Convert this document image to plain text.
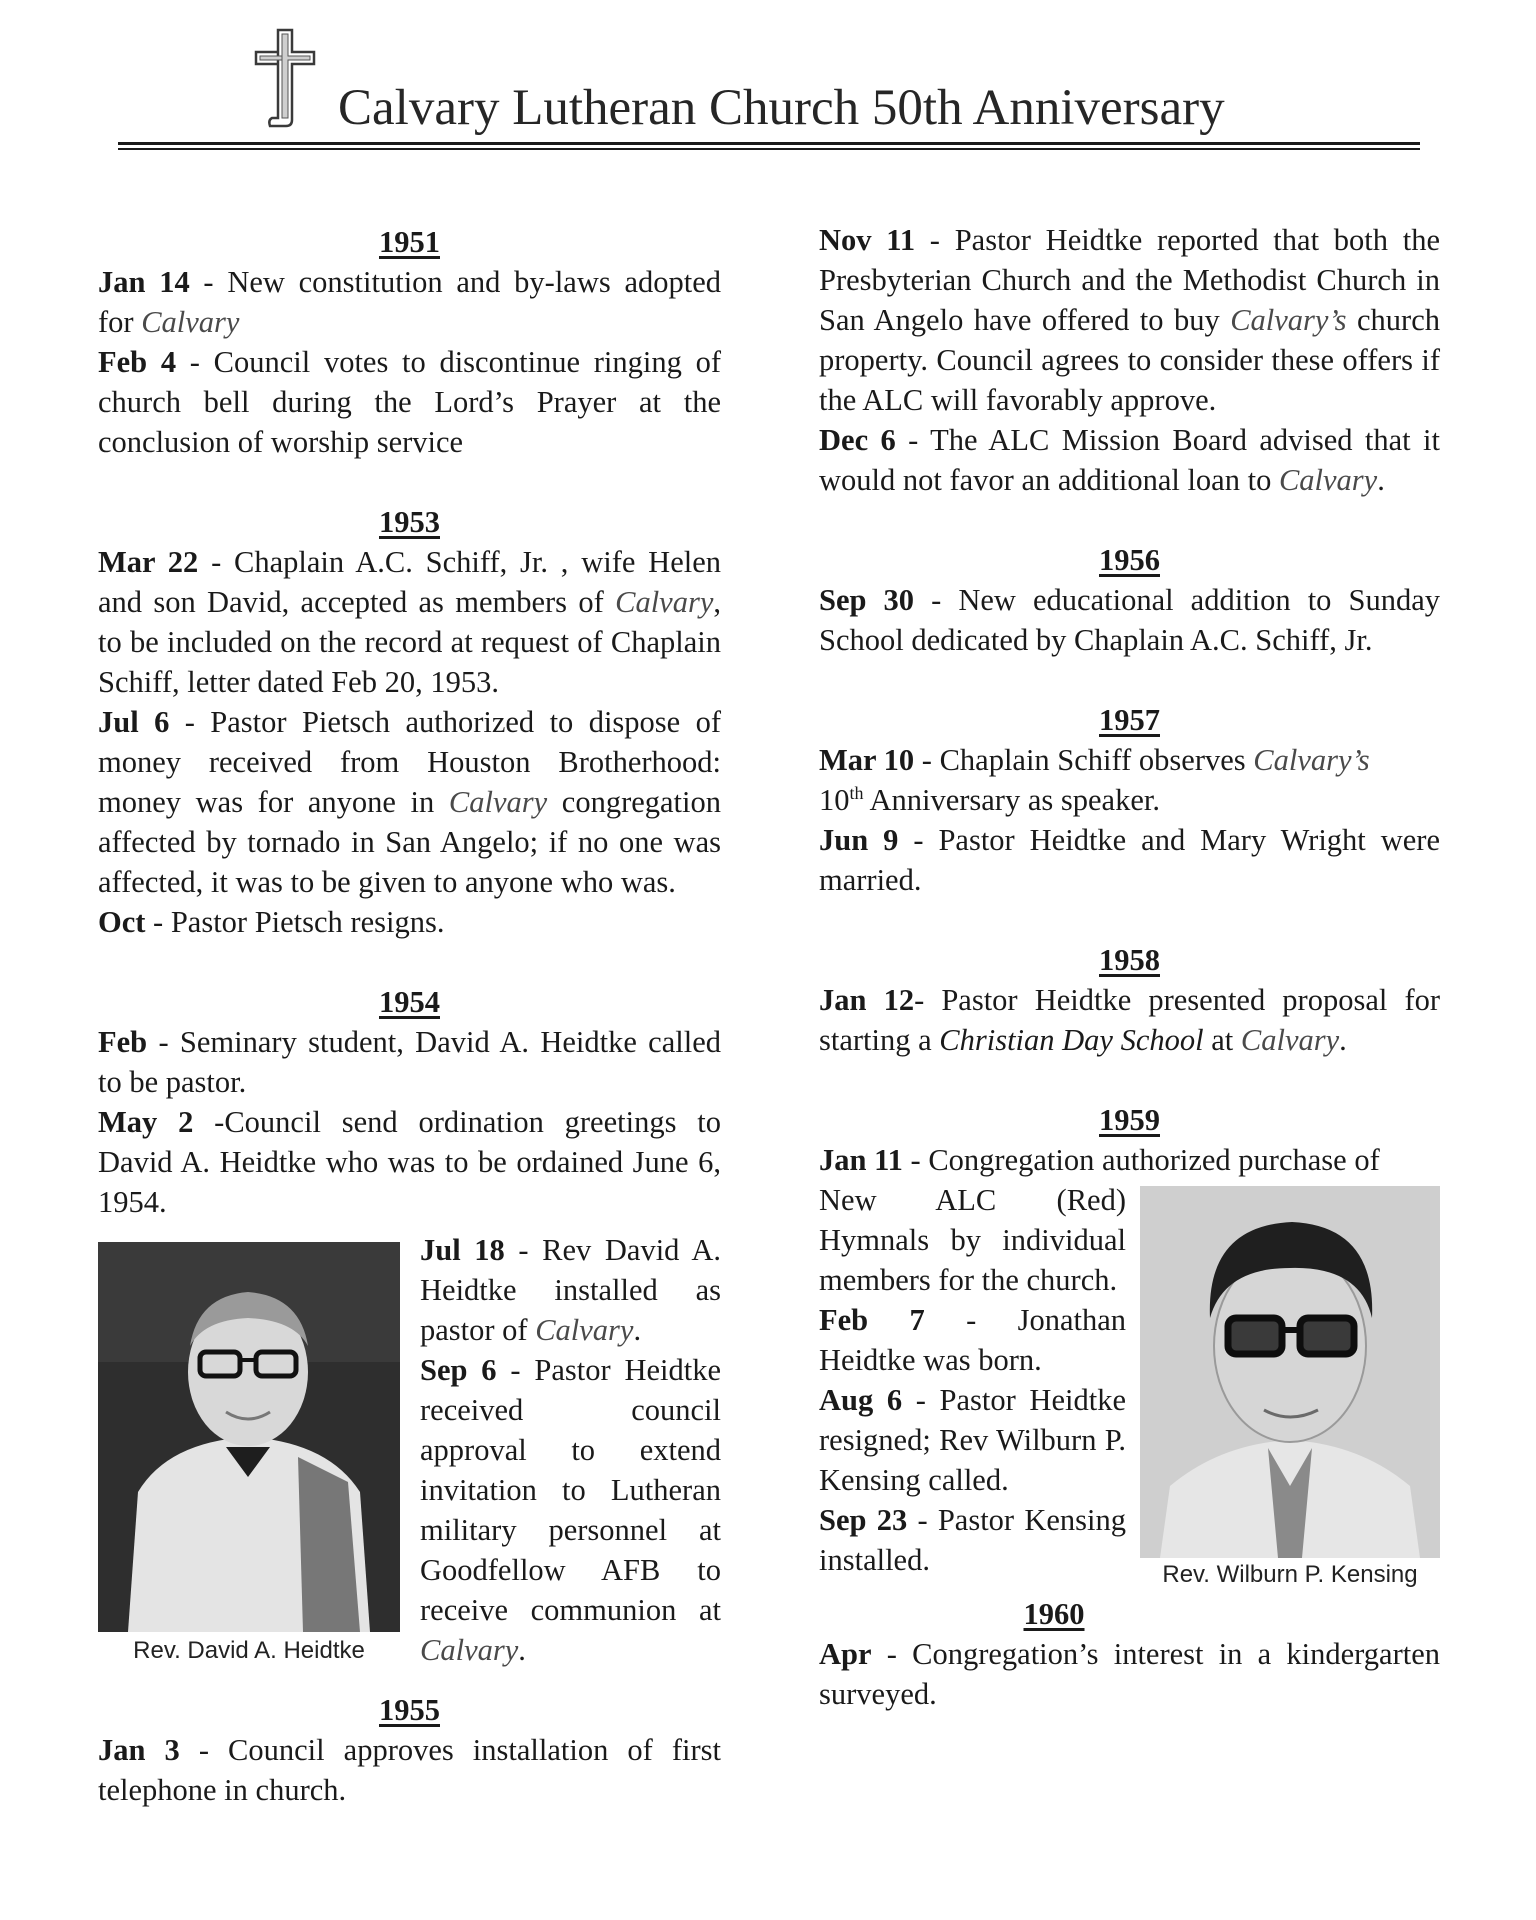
Calvary Lutheran Church 50th Anniversary
1951
Jan 14 - New constitution and by-laws adopted for Calvary
Feb 4 - Council votes to discontinue ringing of church bell during the Lord’s Prayer at the conclusion of worship service
1953
Mar 22 - Chaplain A.C. Schiff, Jr. , wife Helen and son David, accepted as members of Calvary, to be included on the record at request of Chaplain Schiff, letter dated Feb 20, 1953.
Jul 6 - Pastor Pietsch authorized to dispose of money received from Houston Brotherhood: money was for anyone in Calvary congregation affected by tornado in San Angelo; if no one was affected, it was to be given to anyone who was.
Oct - Pastor Pietsch resigns.
1954
Feb - Seminary student, David A. Heidtke called to be pastor.
May 2 -Council send ordination greetings to David A. Heidtke who was to be ordained June 6, 1954.
Rev. David A. Heidtke
Jul 18 - Rev David A. Heidtke installed as pastor of Calvary.
Sep 6 - Pastor Heidtke received council approval to extend invitation to Lutheran military personnel at Goodfellow AFB to receive communion at Calvary.
1955
Jan 3 - Council approves installation of first telephone in church.
Nov 11 - Pastor Heidtke reported that both the Presbyterian Church and the Methodist Church in San Angelo have offered to buy Calvary’s church property. Council agrees to consider these offers if the ALC will favorably approve.
Dec 6 - The ALC Mission Board advised that it would not favor an additional loan to Calvary.
1956
Sep 30 - New educational addition to Sunday School dedicated by Chaplain A.C. Schiff, Jr.
1957
Mar 10 - Chaplain Schiff observes Calvary’s
10th Anniversary as speaker.
Jun 9 - Pastor Heidtke and Mary Wright were married.
1958
Jan 12- Pastor Heidtke presented proposal for starting a Christian Day School at Calvary.
1959
Jan 11 - Congregation authorized purchase of
New ALC (Red) Hymnals by individual members for the church.
Feb 7 - Jonathan Heidtke was born.
Aug 6 - Pastor Heidtke resigned; Rev Wilburn P. Kensing called.
Sep 23 - Pastor Kensing installed.	Rev. Wilburn P. Kensing
1960
Apr - Congregation’s interest in a kindergarten surveyed.
